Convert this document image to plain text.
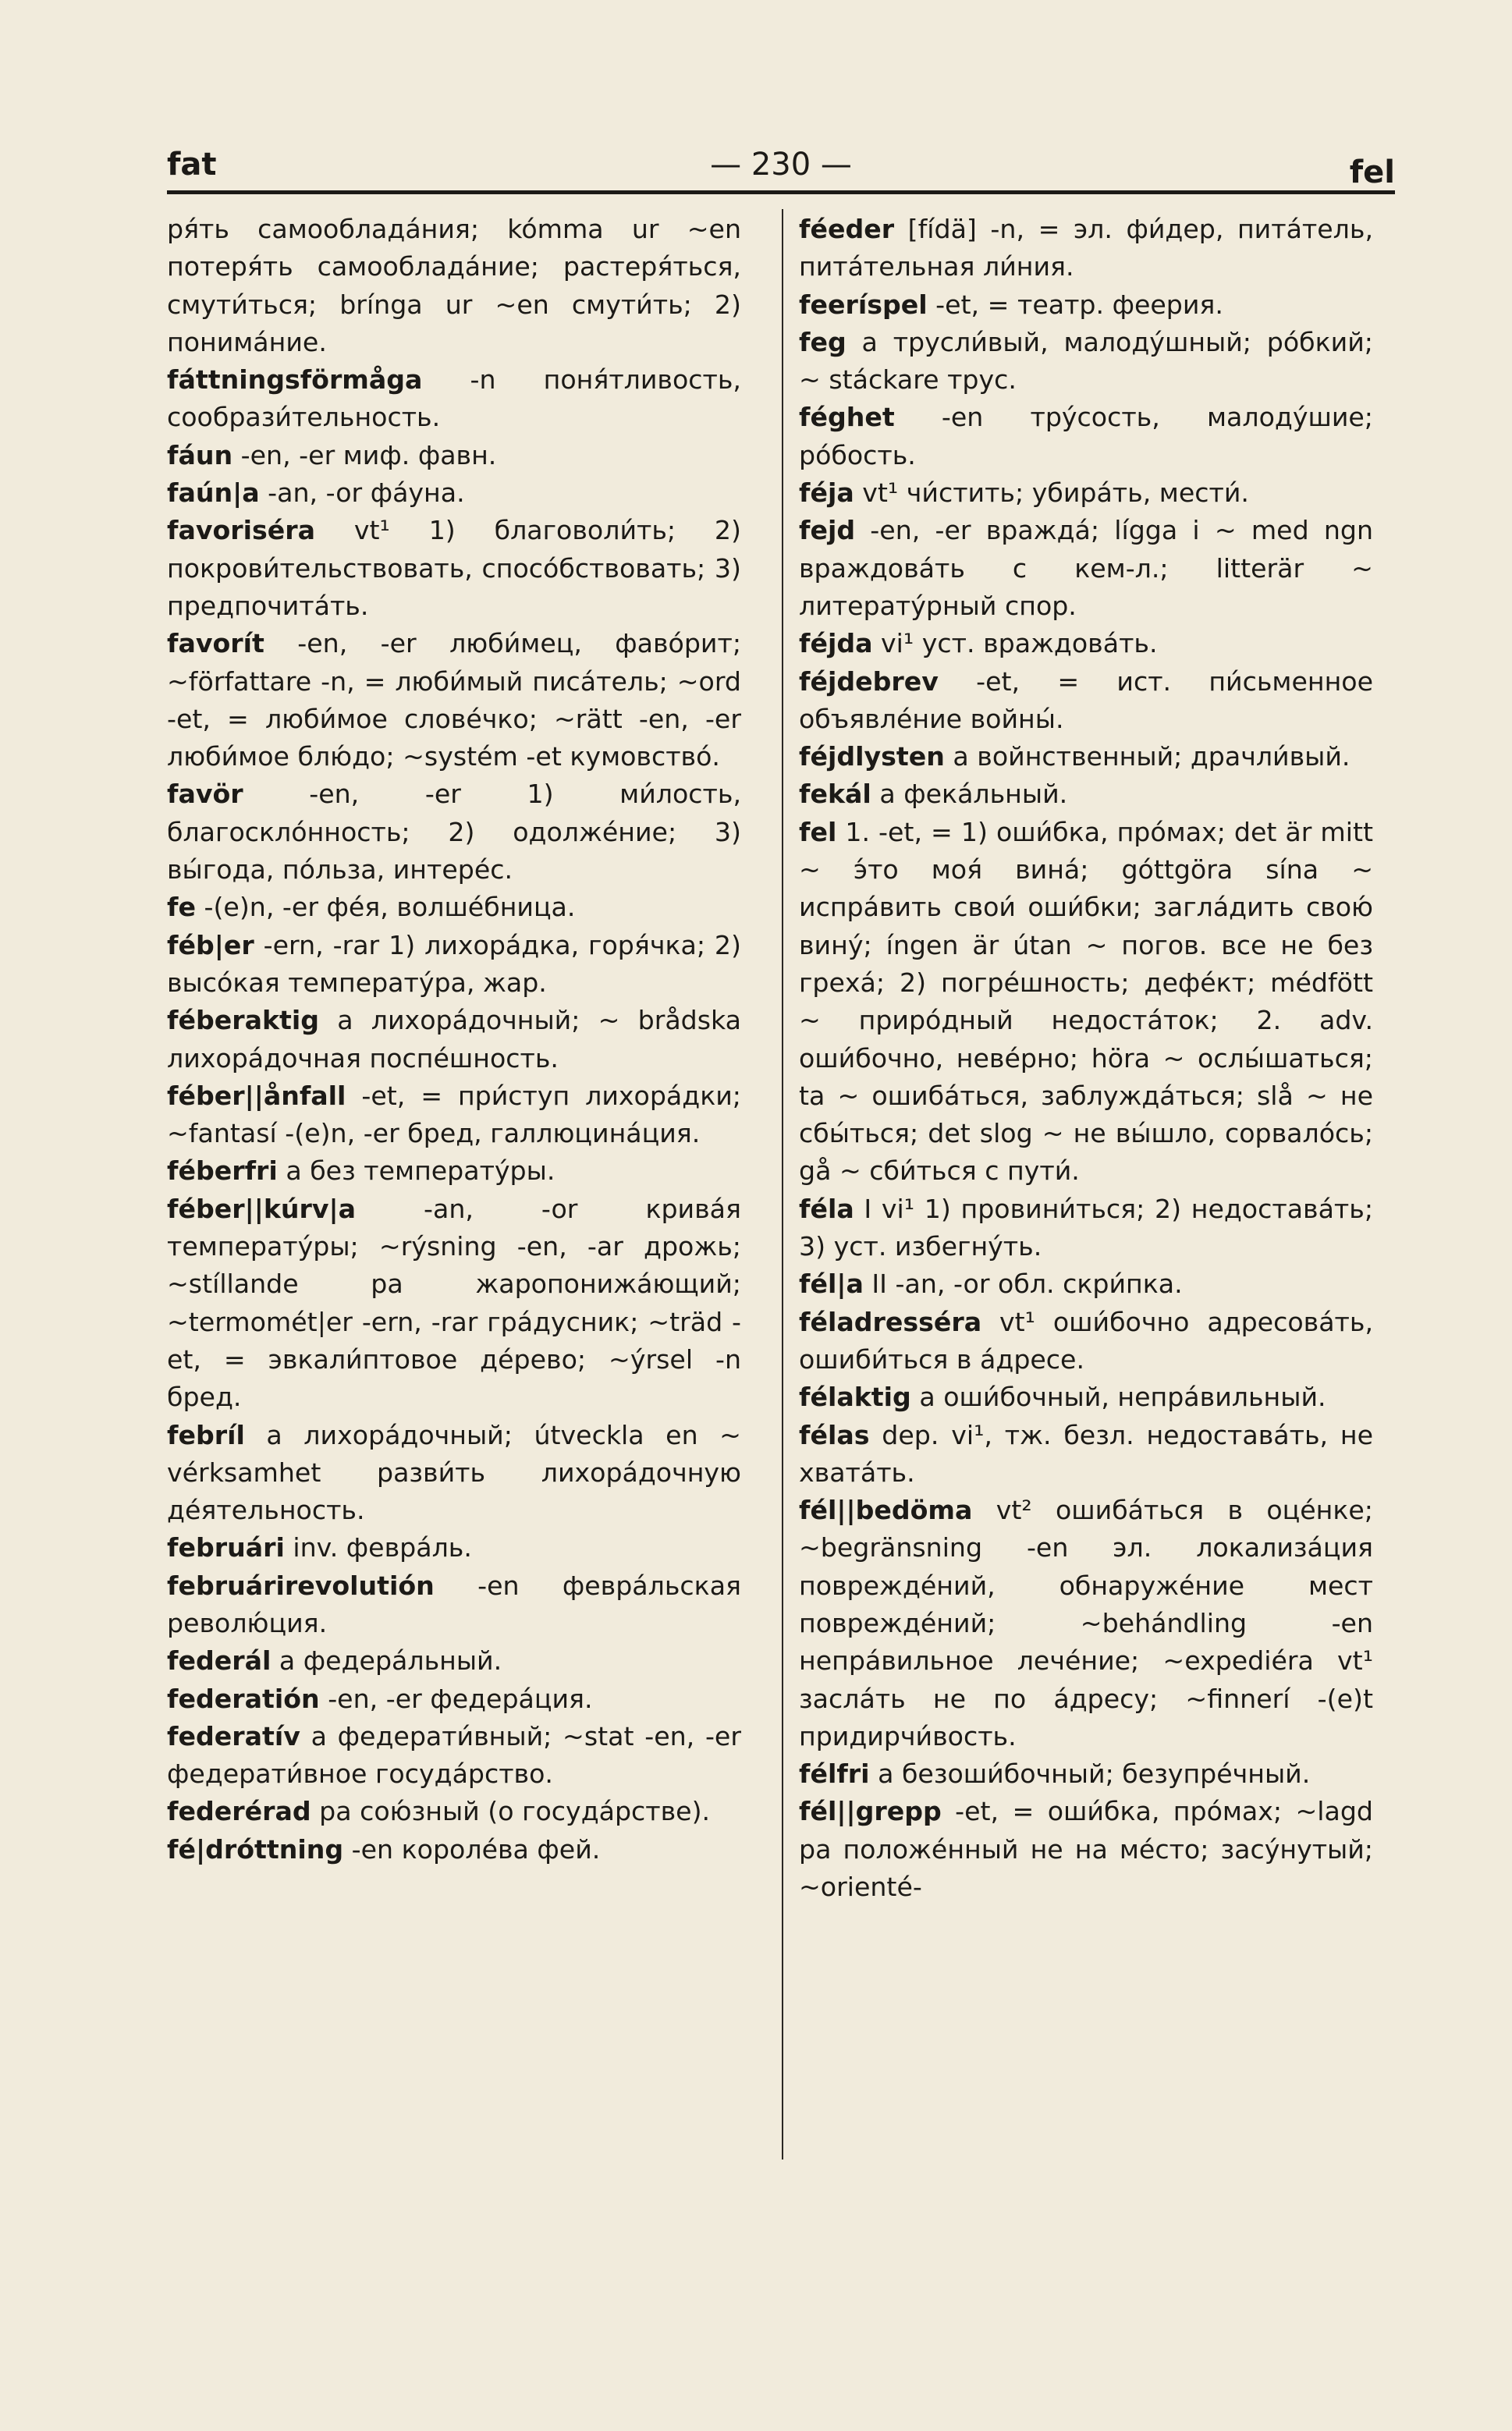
fat	— 230 —	fel

ря́ть самооблада́ния; kómma ur ~en потеря́ть самооблада́ние; растеря́ться, смути́ться; brínga ur ~en смути́ть; 2) понима́ние.

fáttningsförmåga -n поня́тливость, сообрази́тельность.

fáun -en, -er миф. фавн.

faún|a -an, -or фа́уна.

favoriséra vt¹ 1) благоволи́ть; 2) покрови́тельствовать, спосо́бствовать; 3) предпочита́ть.

favorít -en, -er люби́мец, фаво́рит; ~författare -n, = люби́мый писа́тель; ~ord -et, = люби́мое слове́чко; ~rätt -en, -er люби́мое блю́до; ~systém -et кумовство́.

favör -en, -er 1) ми́лость, благоскло́нность; 2) одолже́ние; 3) вы́года, по́льза, интере́с.

fe -(e)n, -er фе́я, волше́бница.

féb|er -ern, -rar 1) лихора́дка, горя́чка; 2) высо́кая температу́ра, жар.

féberaktig a лихора́дочный; ~ brådska лихора́дочная поспе́шность.

féber||ånfall -et, = при́ступ лихора́дки; ~fantasí -(e)n, -er бред, галлюцина́ция.

féberfri a без температу́ры.

féber||kúrv|a -an, -or крива́я температу́ры; ~rýsning -en, -ar дрожь; ~stíllande pa жаропонижа́ющий; ~termomét|er -ern, -rar гра́дусник; ~träd -et, = эвкали́птовое де́рево; ~ýrsel -n бред.

febríl a лихора́дочный; útveckla en ~ vérksamhet разви́ть лихора́дочную де́ятельность.

februári inv. февра́ль.

februárirevolutión -en февра́льская револю́ция.

federál a федера́льный.

federatión -en, -er федера́ция.

federatív a федерати́вный; ~stat -en, -er федерати́вное госуда́рство.

federérad pa сою́зный (о госуда́рстве).

fé|dróttning -en короле́ва фей.

féeder [fídä] -n, = эл. фи́дер, пита́тель, пита́тельная ли́ния.

feeríspel -et, = театр. феерия.

feg a трусли́вый, малоду́шный; ро́бкий; ~ stáckare трус.

féghet -en тру́сость, малоду́шие; ро́бость.

féja vt¹ чи́стить; убира́ть, мести́.

fejd -en, -er вражда́; lígga i ~ med ngn враждова́ть с кем-л.; litterär ~ литерату́рный спор.

féjda vi¹ уст. враждова́ть.

féjdebrev -et, = ист. пи́сьменное объявле́ние войны́.

féjdlysten a войнственный; драчли́вый.

fekál a фека́льный.

fel 1. -et, = 1) оши́бка, про́мах; det är mitt ~ э́то моя́ вина́; góttgöra sína ~ испра́вить свои́ оши́бки; загла́дить свою́ вину́; íngen är útan ~ погов. все не без греха́; 2) погре́шность; дефе́кт; médfött ~ приро́дный недоста́ток; 2. adv. оши́бочно, неве́рно; höra ~ ослы́шаться; ta ~ ошиба́ться, заблужда́ться; slå ~ не сбы́ться; det slog ~ не вы́шло, сорвало́сь; gå ~ сби́ться с пути́.

féla I vi¹ 1) провини́ться; 2) недостава́ть; 3) уст. избегну́ть.

fél|a II -an, -or обл. скри́пка.

féladresséra vt¹ оши́бочно адресова́ть, ошиби́ться в а́дресе.

félaktig a оши́бочный, непра́вильный.

félas dep. vi¹, тж. безл. недостава́ть, не хвата́ть.

fél||bedöma vt² ошиба́ться в оце́нке; ~begränsning -en эл. локализа́ция поврежде́ний, обнаруже́ние мест поврежде́ний; ~behándling -en непра́вильное лече́ние; ~expediéra vt¹ засла́ть не по а́дресу; ~finnerí -(e)t придирчи́вость.

félfri a безоши́бочный; безупре́чный.

fél||grepp -et, = оши́бка, про́мах; ~lagd pa положе́нный не на ме́сто; засу́нутый; ~orienté-
